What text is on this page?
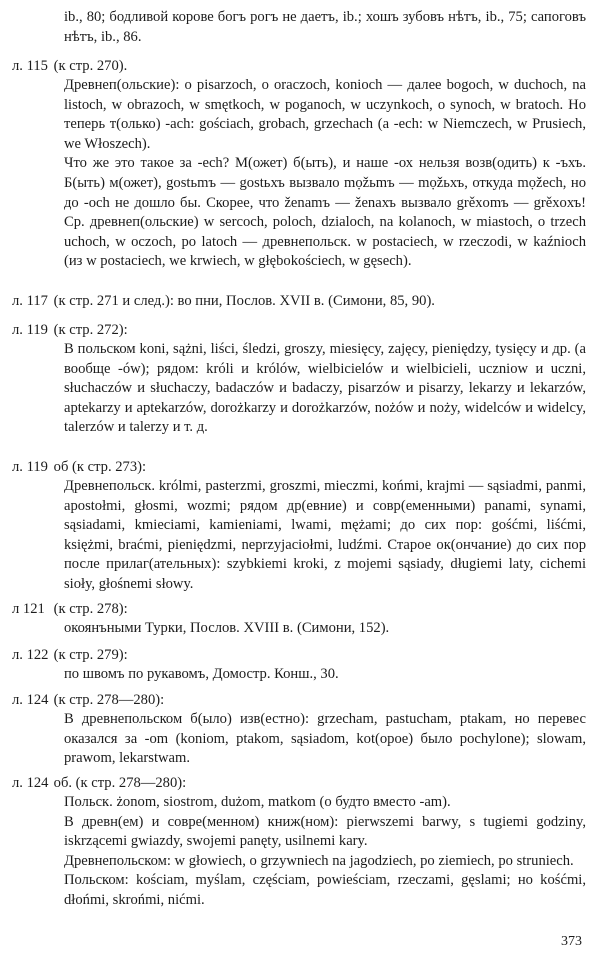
ib., 80; бодливой корове богъ рогъ не даетъ, ib.; хошъ зубовъ нѣтъ, ib., 75; сапоговъ нѣтъ, ib., 86.
л. 115 (к стр. 270).

Древнеп(ольские): o pisarzoch, o oraczoch, konioch — далее bogoch, w duchoch, na listoch, w obrazoch, w smętkoch, w poganoch, w uczynkoch, o synoch, w bratoch. Но теперь т(олько) -ach: gościach, grobach, grzechach (а -ech: w Niemczech, w Prusiech, we Włoszech).

Что же это такое за -ech? М(ожет) б(ыть), и наше -ох нельзя возв(одить) к -ъхъ. Б(ыть) м(ожет), gostьmъ — gostьхъ вызвало mọžьmъ — mọžьхъ, откуда mọžech, но до -och не дошло бы. Скорее, что ženamъ — ženaхъ вызвало grěхomъ — grěхoхъ! Ср. древнеп(ольские) w sercoch, poloch, dzialoch, na kolanoch, w miastoch, o trzech uchoch, w oczoch, po latoch — древнепольск. w postaciech, w rzeczodi, w kaźnioch (из w postaciech, we krwiech, w głębokościech, w gęsech).

л. 117 (к стр. 271 и след.): во пни, Послов. XVII в. (Симони, 85, 90).
л. 119 (к стр. 272):

В польском koni, sążni, liści, śledzi, groszy, miesięcy, zajęcy, pieniędzy, tysięcy и др. (а вообще -ów); рядом: króli и królów, wielbicielów и wielbicieli, uczniow и uczni, słuchaczów и słuchaczy, badaczów и badaczy, pisarzów и pisarzy, lekarzy и lekarzów, aptekarzy и aptekarzów, dorożkarzy и dorożkarzów, nożów и noży, widelców и widelcy, talerzów и talerzy и т. д.

л. 119 об (к стр. 273):

Древнепольск. królmi, pasterzmi, groszmi, mieczmi, końmi, krajmi — sąsiadmi, panmi, apostołmi, głosmi, wozmi; рядом др(евние) и совр(еменными) panami, synami, sąsiadami, kmieciami, kamieniami, lwami, mężami; до сих пор: gośćmi, liśćmi, księżmi, braćmi, pieniędzmi, neprzyjaciołmi, ludźmi. Старое ок(ончание) до сих пор после прилаг(ательных): szybkiemi kroki, z mojemi sąsiady, długiemi laty, cichemi sioły, głośnemi słowy.

л 121 (к стр. 278):

окоянъными Турки, Послов. XVIII в. (Симони, 152).

л. 122 (к стр. 279):

по швомъ по рукавомъ, Домостр. Конш., 30.

л. 124 (к стр. 278—280):

В древнепольском б(ыло) изв(естно): grzecham, pastucham, ptakam, но перевес оказался за -om (koniom, ptakom, sąsiadom, kot(opoe) было pochylone); slowam, prawom, lekarstwam.

л. 124 об. (к стр. 278—280):

Польск. żonom, siostrom, dużom, matkom (о будто вместо -am).

В древн(ем) и совре(менном) книж(ном): pierwszemi barwy, s tugiemi godziny, iskrzącemi gwiazdy, swojemi panęty, usilnemi kary.

Древнепольском: w głowiech, o grzywniech na jagodziech, po ziemiech, po struniech.

Польском: kościam, myślam, częściam, powieściam, rzeczami, gęslami; но kośćmi, dłońmi, skrońmi, nićmi.

373
